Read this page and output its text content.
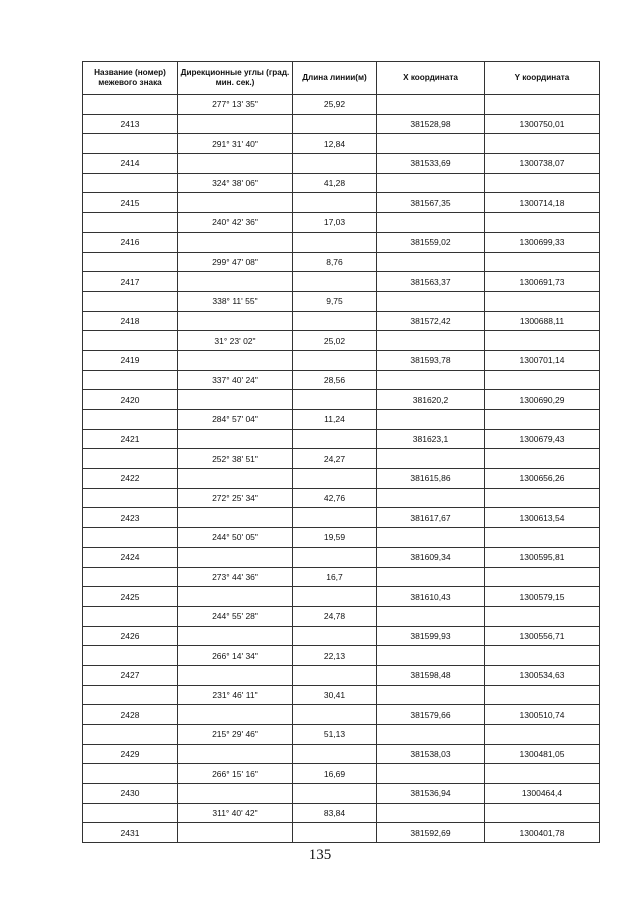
Название (номер) межевого знака	Дирекционные углы (град. мин. сек.)	Длина линии(м)	X координата	Y координата
	277° 13' 35"	25,92		
2413			381528,98	1300750,01
	291° 31' 40"	12,84		
2414			381533,69	1300738,07
	324° 38' 06"	41,28		
2415			381567,35	1300714,18
	240° 42' 36"	17,03		
2416			381559,02	1300699,33
	299° 47' 08"	8,76		
2417			381563,37	1300691,73
	338° 11' 55"	9,75		
2418			381572,42	1300688,11
	31° 23' 02"	25,02		
2419			381593,78	1300701,14
	337° 40' 24"	28,56		
2420			381620,2	1300690,29
	284° 57' 04"	11,24		
2421			381623,1	1300679,43
	252° 38' 51"	24,27		
2422			381615,86	1300656,26
	272° 25' 34"	42,76		
2423			381617,67	1300613,54
	244° 50' 05"	19,59		
2424			381609,34	1300595,81
	273° 44' 36"	16,7		
2425			381610,43	1300579,15
	244° 55' 28"	24,78		
2426			381599,93	1300556,71
	266° 14' 34"	22,13		
2427			381598,48	1300534,63
	231° 46' 11"	30,41		
2428			381579,66	1300510,74
	215° 29' 46"	51,13		
2429			381538,03	1300481,05
	266° 15' 16"	16,69		
2430			381536,94	1300464,4
	311° 40' 42"	83,84		
2431			381592,69	1300401,78
135
